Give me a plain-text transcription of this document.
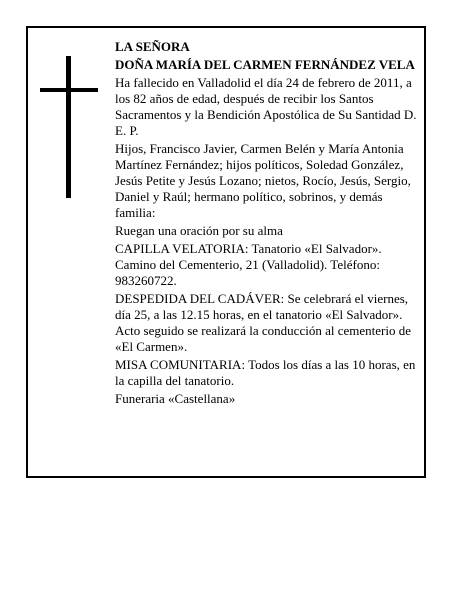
LA SEÑORA

DOÑA MARÍA DEL CARMEN FERNÁNDEZ VELA

Ha fallecido en Valladolid el día 24 de febrero de 2011, a los 82 años de edad, después de recibir los Santos Sacramentos y la Bendición Apostólica de Su Santidad D. E. P.

Hijos, Francisco Javier, Carmen Belén y María Antonia Martínez Fernández; hijos políticos, Soledad González, Jesús Petite y Jesús Lozano; nietos, Rocío, Jesús, Sergio, Daniel y Raúl; hermano político, sobrinos, y demás familia:

Ruegan una oración por su alma

CAPILLA VELATORIA: Tanatorio «El Salvador». Camino del Cementerio, 21 (Valladolid). Teléfono: 983260722.

DESPEDIDA DEL CADÁVER: Se celebrará el viernes, día 25, a las 12.15 horas, en el tanatorio «El Salvador». Acto seguido se realizará la conducción al cementerio de «El Carmen».

MISA COMUNITARIA: Todos los días a las 10 horas, en la capilla del tanatorio.

Funeraria «Castellana»
